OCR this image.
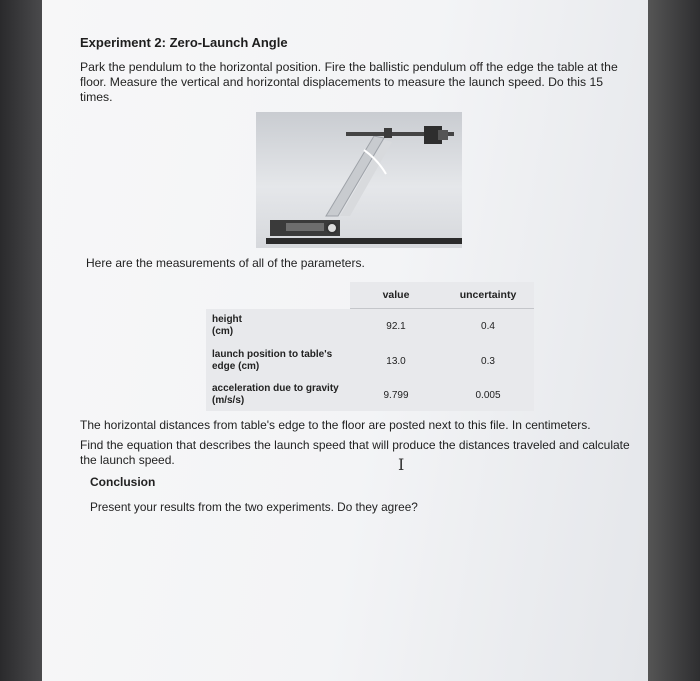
Experiment 2: Zero-Launch Angle
Park the pendulum to the horizontal position. Fire the ballistic pendulum off the edge the table at the floor. Measure the vertical and horizontal displacements to measure the launch speed. Do this 15 times.
Here are the measurements of all of the parameters.
	value	uncertainty

height
(cm)	92.1	0.4

launch position to table's
edge (cm)	13.0	0.3

acceleration due to gravity
(m/s/s)	9.799	0.005
The horizontal distances from table's edge to the floor are posted next to this file. In centimeters.
Find the equation that describes the launch speed that will produce the distances traveled and calculate the launch speed.	I
Conclusion
Present your results from the two experiments. Do they agree?
